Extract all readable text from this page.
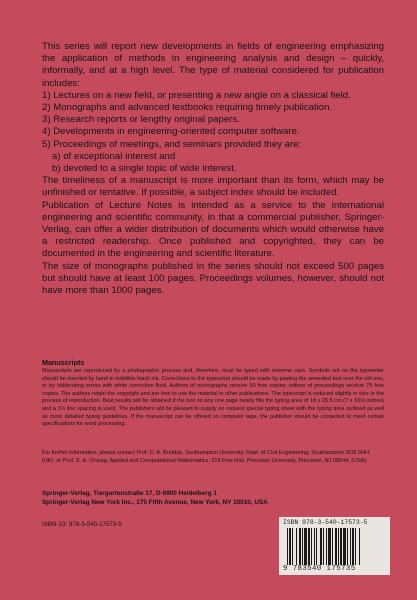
This series will report new developments in fields of engineering emphasizing the application of methods in engineering analysis and design – quickly, informally, and at a high level. The type of material considered for publication includes:

1) Lectures on a new field, or presenting a new angle on a classical field.
2) Monographs and advanced textbooks requiring timely publication.
3) Research reports or lengthy original papers.
4) Developments in engineering-oriented computer software.
5) Proceedings of meetings, and seminars provided they are:
a) of exceptional interest and
b) devoted to a single topic of wide interest.

The timeliness of a manuscript is more important than its form, which may be unfinished or tentative. If possible, a subject index should be included.

Publication of Lecture Notes is intended as a service to the international engineering and scientific community, in that a commercial publisher, Springer-Verlag, can offer a wider distribution of documents which would otherwise have a restricted readership. Once published and copyrighted, they can be documented in the engineering and scientific literature.

The size of monographs published in the series should not exceed 500 pages but should have at least 100 pages. Proceedings volumes, however, should not have more than 1000 pages.

Manuscripts
Manuscripts are reproduced by a photographic process and, therefore, must be typed with extreme care. Symbols not on the typewriter should be inserted by hand in indelible black ink. Corrections to the typescript should be made by pasting the amended text over the old one, or by obliterating errors with white correction fluid. Authors of monographs receive 50 free copies; editors of proceedings receive 75 free copies. The authors retain the copyright and are free to use the material in other publications. The typescript is reduced slightly in size in the process of reproduction. Best results will be obtained if the text on any one page nearly fills the typing area of 18 x 26.5 cm (7 x 10½ inches) and a 1½ line spacing is used. The publishers will be pleased to supply on request special typing sheet with the typing area outlined as well as more detailed typing guidelines. If the manuscript can be offered on computer tape, the publisher should be contacted to meet certain specifications for word processing.
For further information, please contact Prof. C. A. Brebbia, Southampton University, Dept. of Civil Engineering, Southampton SO9 5NH, (UK), or Prof. S. A. Orszag, Applied and Computational Mathematics, 218 Fine Hall, Princeton University, Princeton, NJ 08544, (USA).
Springer-Verlag, Tiergartenstraße 17, D-6900 Heidelberg 1
Springer-Verlag New York Inc., 175 Fifth Avenue, New York, NY 10010, USA
ISBN-13: 978-3-540-17573-5	ISBN 978-3-540-17573-5
9 783540 175735
